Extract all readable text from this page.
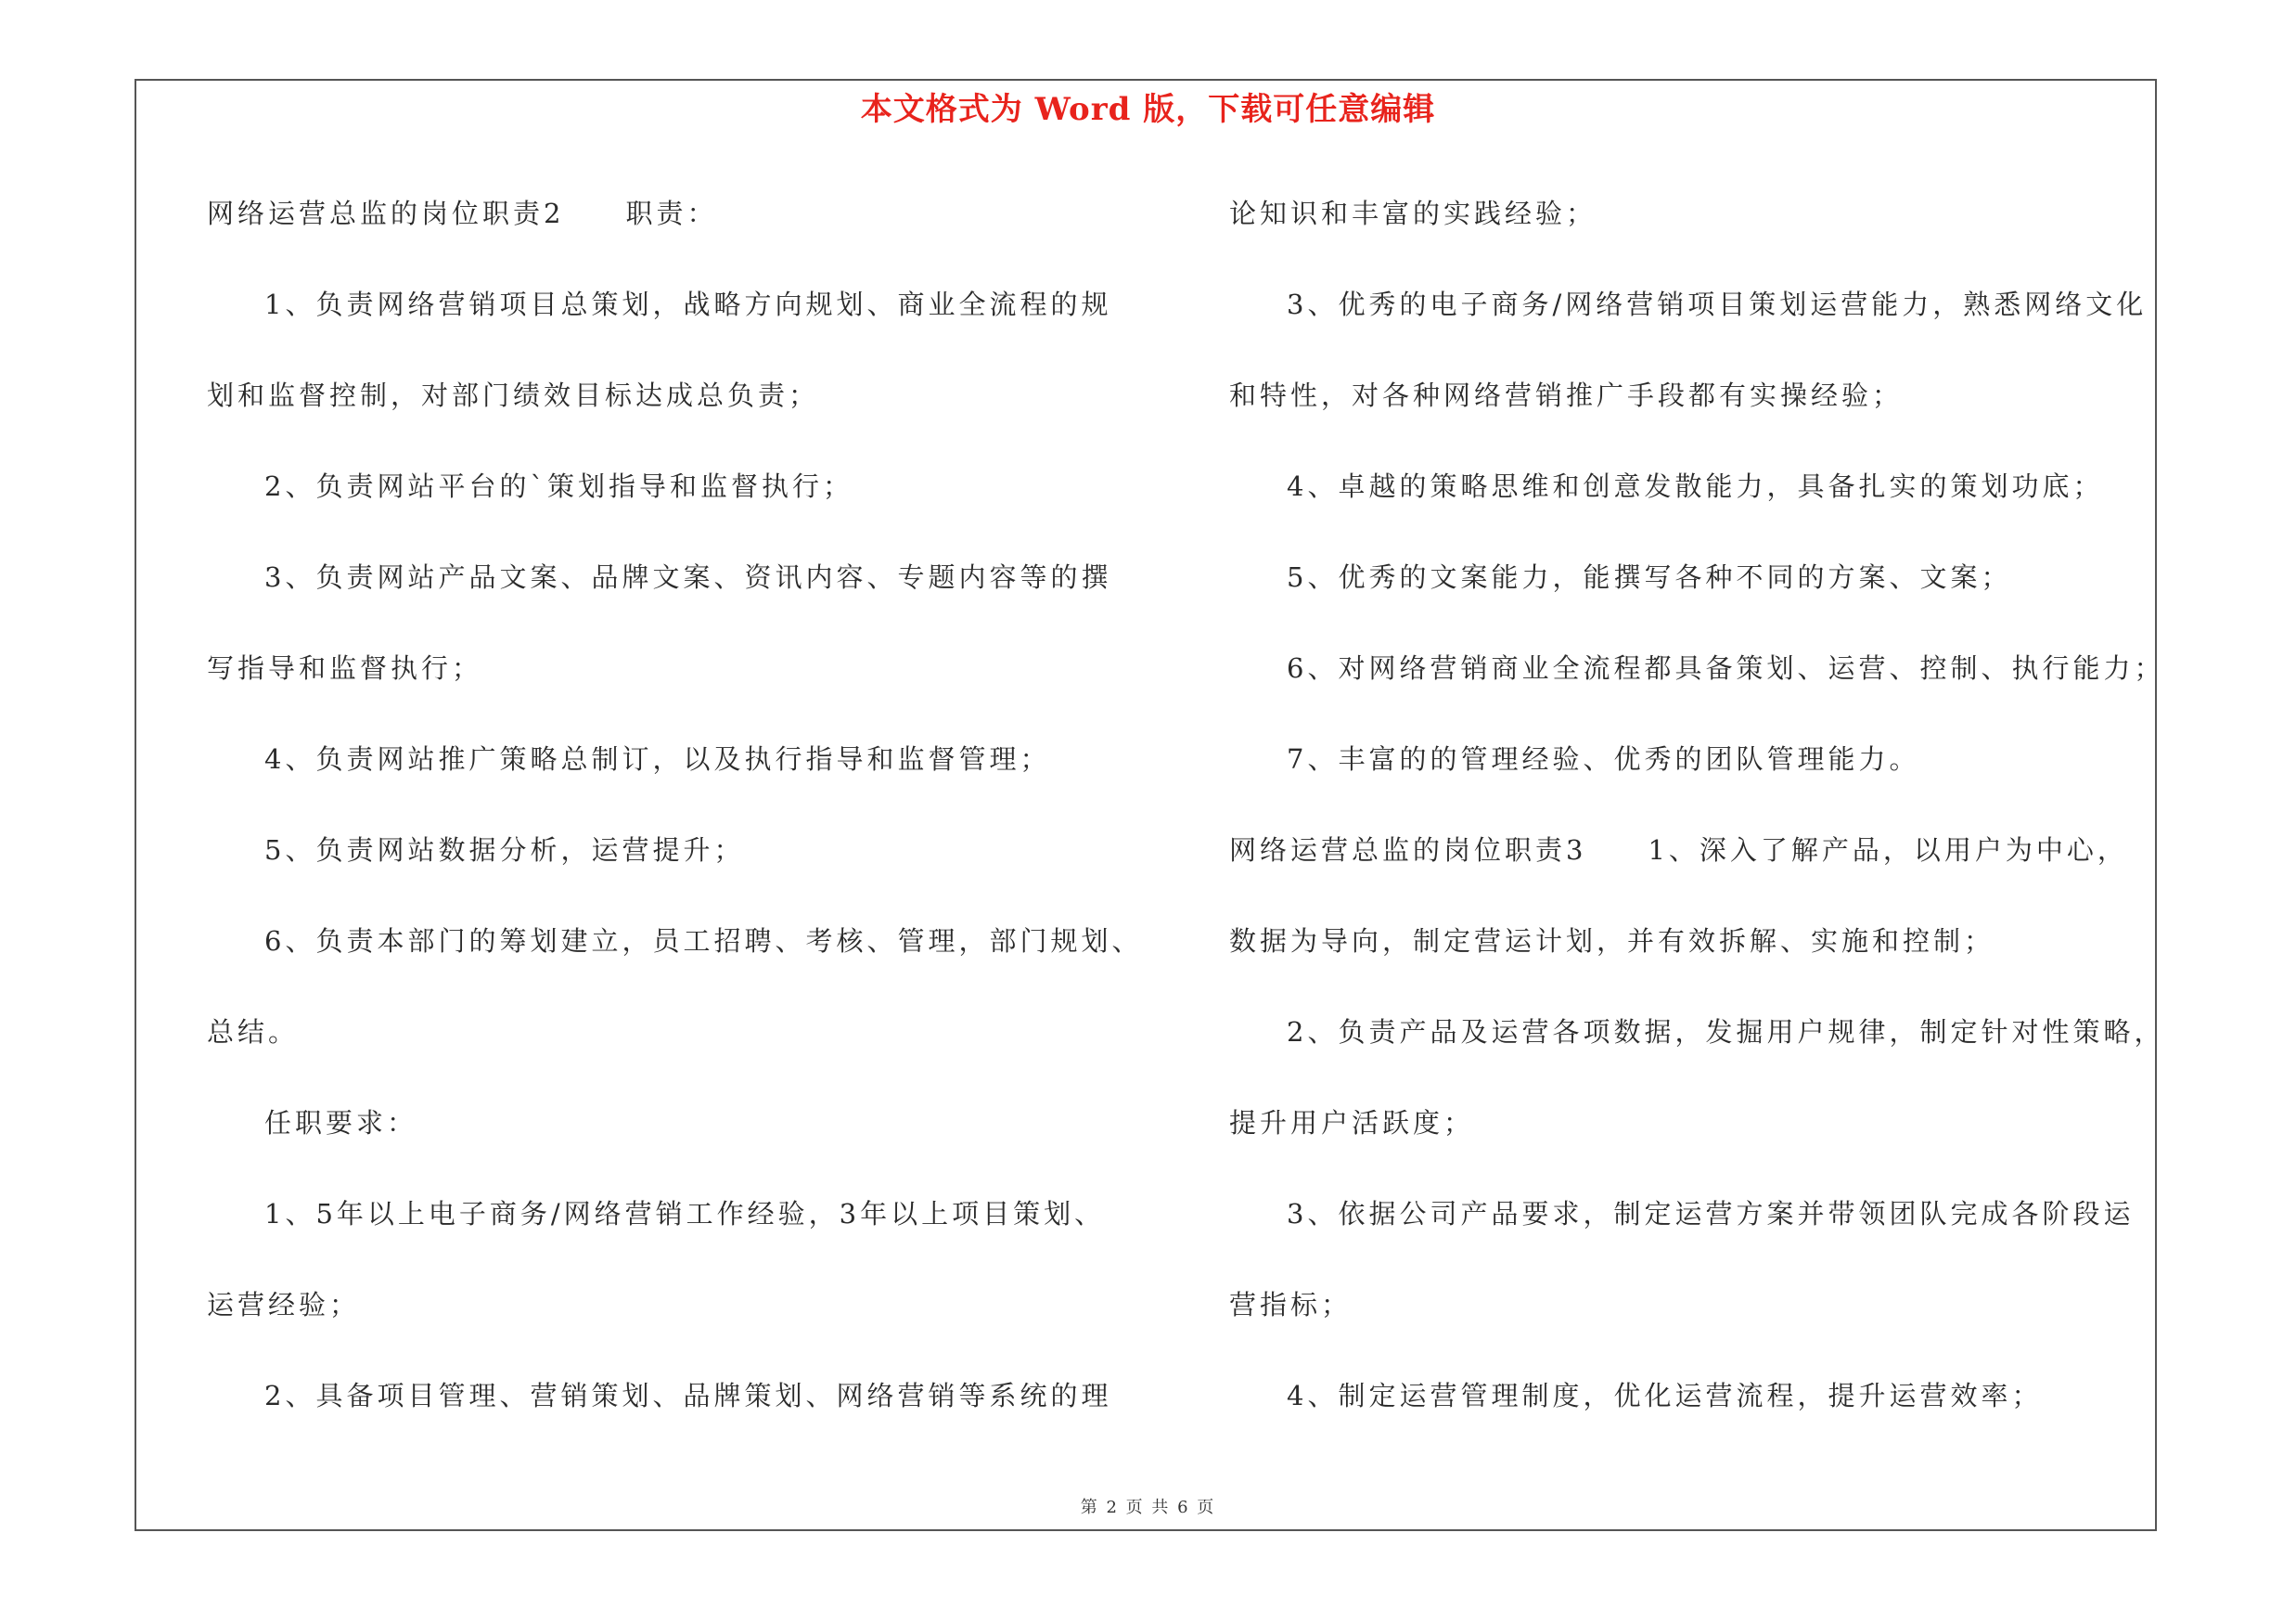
本文格式为 Word 版，下载可任意编辑
网络运营总监的岗位职责2　　职责：
1、负责网络营销项目总策划，战略方向规划、商业全流程的规
划和监督控制，对部门绩效目标达成总负责；
2、负责网站平台的`策划指导和监督执行；
3、负责网站产品文案、品牌文案、资讯内容、专题内容等的撰
写指导和监督执行；
4、负责网站推广策略总制订，以及执行指导和监督管理；
5、负责网站数据分析，运营提升；
6、负责本部门的筹划建立，员工招聘、考核、管理，部门规划、
总结。
任职要求：
1、5年以上电子商务/网络营销工作经验，3年以上项目策划、
运营经验；
2、具备项目管理、营销策划、品牌策划、网络营销等系统的理
论知识和丰富的实践经验；
3、优秀的电子商务/网络营销项目策划运营能力，熟悉网络文化
和特性，对各种网络营销推广手段都有实操经验；
4、卓越的策略思维和创意发散能力，具备扎实的策划功底；
5、优秀的文案能力，能撰写各种不同的方案、文案；
6、对网络营销商业全流程都具备策划、运营、控制、执行能力；
7、丰富的的管理经验、优秀的团队管理能力。
网络运营总监的岗位职责3　　1、深入了解产品，以用户为中心，
数据为导向，制定营运计划，并有效拆解、实施和控制；
2、负责产品及运营各项数据，发掘用户规律，制定针对性策略，
提升用户活跃度；
3、依据公司产品要求，制定运营方案并带领团队完成各阶段运
营指标；
4、制定运营管理制度，优化运营流程，提升运营效率；
第 2 页 共 6 页
